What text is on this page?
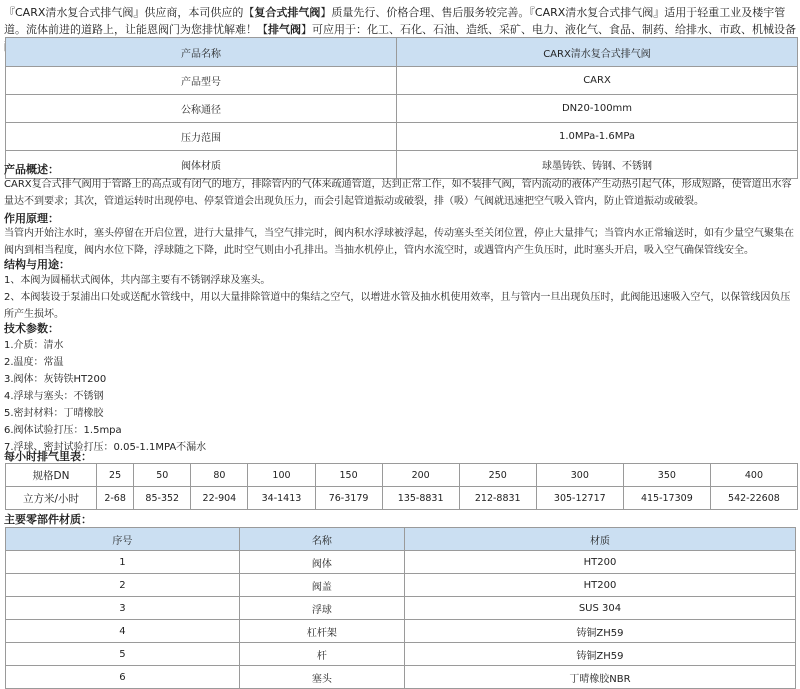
『CARX清水复合式排气阀』供应商，本司供应的【复合式排气阀】质量先行、价格合理、售后服务较完善。『CARX清水复合式排气阀』适用于轻重工业及楼宇管道。流体前进的道路上，让能恩阀门为您排忧解难！【排气阀】可应用于：化工、石化、石油、造纸、采矿、电力、液化气、食品、制药、给排水、市政、机械设备
产品名称	CARX清水复合式排气阀
产品型号	CARX
公称通径	DN20-100mm
压力范围	1.0MPa-1.6MPa
阀体材质	球墨铸铁、铸钢、不锈钢
产品概述：
CARX复合式排气阀用于管路上的高点或有闭气的地方，排除管内的气体来疏通管道，达到正常工作，如不装排气阀，管内流动的液体产生动热引起气体，形成短路，使管道出水容量达不到要求；其次，管道运转时出现停电、停泵管道会出现负压力，而会引起管道振动或破裂，排（吸）气阀就迅速把空气吸入管内，防止管道振动或破裂。
作用原理：
当管内开始注水时，塞头停留在开启位置，进行大量排气，当空气排完时，阀内积水浮球被浮起，传动塞头至关闭位置，停止大量排气；当管内水正常输送时，如有少量空气聚集在阀内到相当程度，阀内水位下降，浮球随之下降，此时空气则由小孔排出。当抽水机停止，管内水流空时，或遇管内产生负压时，此时塞头开启，吸入空气确保管线安全。
结构与用途：
1、本阀为圆桶状式阀体，共内部主要有不锈钢浮球及塞头。
2、本阀装设于泵浦出口处或送配水管线中，用以大量排除管道中的集结之空气，以增进水管及抽水机使用效率，且与管内一旦出现负压时，此阀能迅速吸入空气，以保管线因负压所产生损坏。
技术参数：
1.介质：清水
2.温度：常温
3.阀体：灰铸铁HT200
4.浮球与塞头：不锈钢
5.密封材料：丁晴橡胶
6.阀体试验打压：1.5mpa
7.浮球、密封试验打压：0.05-1.1MPA不漏水
每小时排气里表：
规格DN	25	50	80	100	150	200	250	300	350	400
立方米/小时	2-68	85-352	22-904	34-1413	76-3179	135-8831	212-8831	305-12717	415-17309	542-22608
主要零部件材质：
序号	名称	材质
1	阀体	HT200
2	阀盖	HT200
3	浮球	SUS 304
4	杠杆架	铸铜ZH59
5	杆	铸铜ZH59
6	塞头	丁晴橡胶NBR
